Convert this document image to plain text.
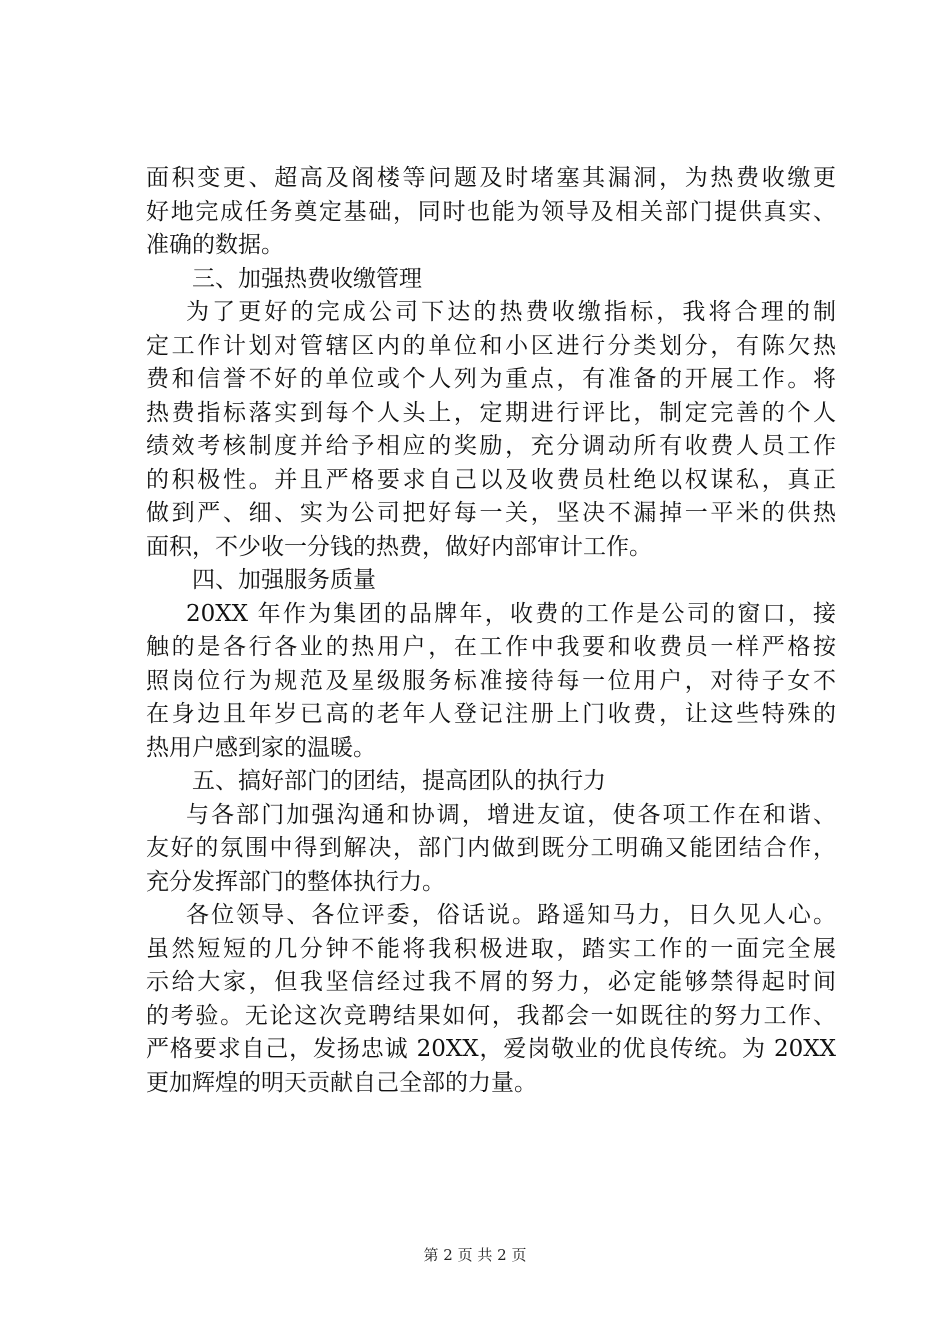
面积变更、超高及阁楼等问题及时堵塞其漏洞，为热费收缴更
好地完成任务奠定基础，同时也能为领导及相关部门提供真实、
准确的数据。
三、加强热费收缴管理
为了更好的完成公司下达的热费收缴指标，我将合理的制
定工作计划对管辖区内的单位和小区进行分类划分，有陈欠热
费和信誉不好的单位或个人列为重点，有准备的开展工作。将
热费指标落实到每个人头上，定期进行评比，制定完善的个人
绩效考核制度并给予相应的奖励，充分调动所有收费人员工作
的积极性。并且严格要求自己以及收费员杜绝以权谋私，真正
做到严、细、实为公司把好每一关，坚决不漏掉一平米的供热
面积，不少收一分钱的热费，做好内部审计工作。
四、加强服务质量
20XX 年作为集团的品牌年，收费的工作是公司的窗口，接
触的是各行各业的热用户，在工作中我要和收费员一样严格按
照岗位行为规范及星级服务标准接待每一位用户，对待子女不
在身边且年岁已高的老年人登记注册上门收费，让这些特殊的
热用户感到家的温暖。
五、搞好部门的团结，提高团队的执行力
与各部门加强沟通和协调，增进友谊，使各项工作在和谐、
友好的氛围中得到解决，部门内做到既分工明确又能团结合作，
充分发挥部门的整体执行力。
各位领导、各位评委，俗话说。路遥知马力，日久见人心。
虽然短短的几分钟不能将我积极进取，踏实工作的一面完全展
示给大家，但我坚信经过我不屑的努力，必定能够禁得起时间
的考验。无论这次竞聘结果如何，我都会一如既往的努力工作、
严格要求自己，发扬忠诚 20XX，爱岗敬业的优良传统。为 20XX
更加辉煌的明天贡献自己全部的力量。
第 2 页 共 2 页
